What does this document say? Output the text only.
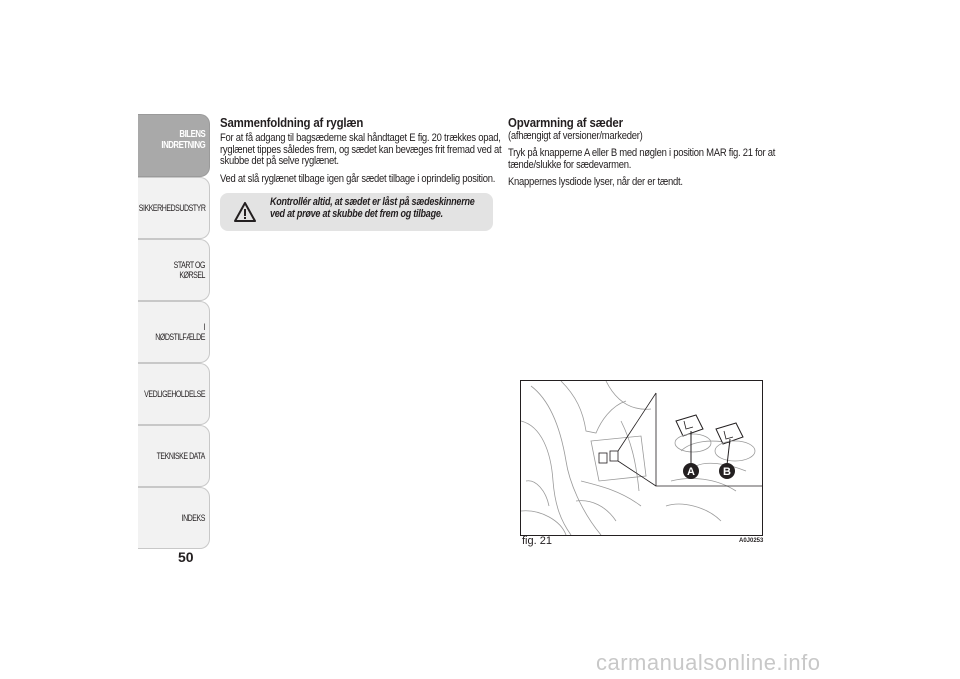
BILENS
INDRETNING
SIKKERHEDSUDSTYR
START OG KØRSEL
I NØDSTILFÆLDE
VEDLIGEHOLDELSE
TEKNISKE DATA
INDEKS
50
Sammenfoldning af ryglæn
For at få adgang til bagsæderne skal håndtaget E fig. 20 trækkes opad, ryglænet tippes således frem, og sædet kan bevæges frit fremad ved at skubbe det på selve ryglænet.
Ved at slå ryglænet tilbage igen går sædet tilbage i oprindelig position.
Kontrollér altid, at sædet er låst på sædeskinnerne ved at prøve at skubbe det frem og tilbage.
Opvarmning af sæder
(afhængigt af versioner/markeder)
Tryk på knapperne A eller B med nøglen i position MAR fig. 21 for at tænde/slukke for sædevarmen.
Knappernes lysdiode lyser, når der er tændt.
A	B
fig. 21	A0J0253
carmanualsonline.info
